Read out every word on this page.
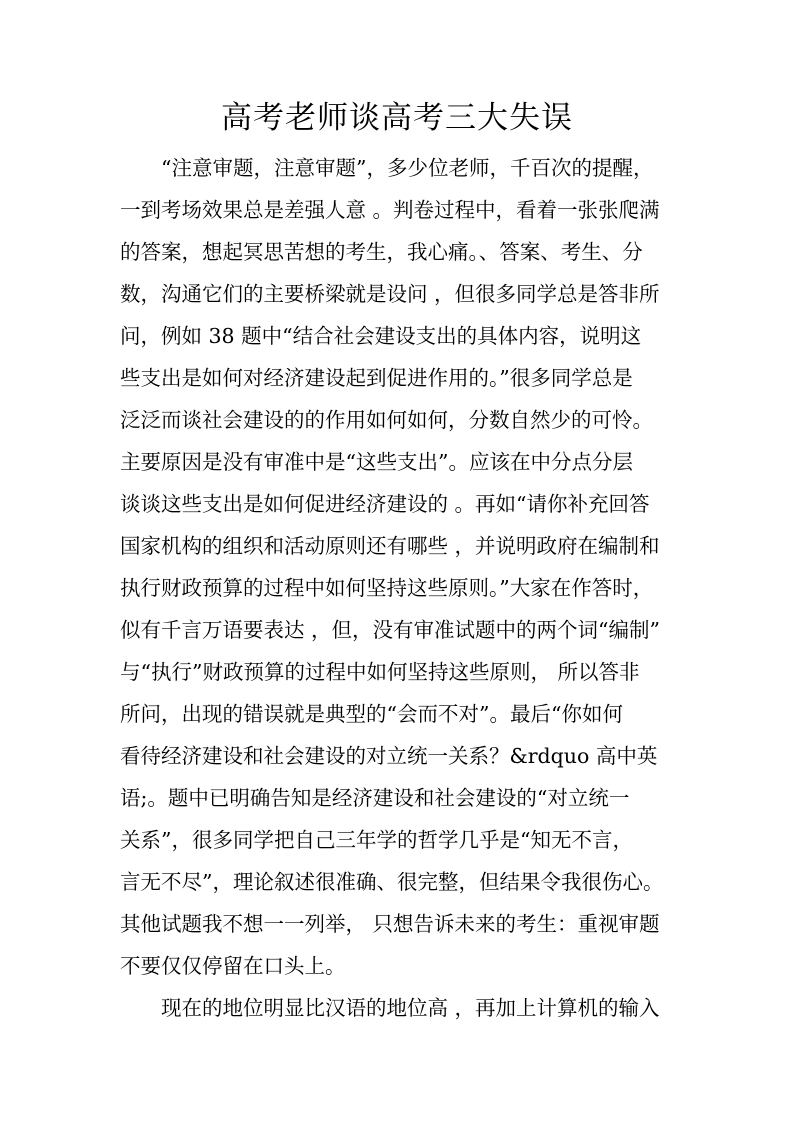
高考老师谈高考三大失误

　　“注意审题，注意审题”，多少位老师，千百次的提醒，

一到考场效果总是差强人意 。判卷过程中，看着一张张爬满

的答案，想起冥思苦想的考生，我心痛。、答案、考生、分

数，沟通它们的主要桥梁就是设问 ，但很多同学总是答非所

问，例如 38 题中“结合社会建设支出的具体内容，说明这

些支出是如何对经济建设起到促进作用的。”很多同学总是

泛泛而谈社会建设的的作用如何如何，分数自然少的可怜。

主要原因是没有审准中是“这些支出”。应该在中分点分层

谈谈这些支出是如何促进经济建设的 。再如“请你补充回答

国家机构的组织和活动原则还有哪些 ，并说明政府在编制和

执行财政预算的过程中如何坚持这些原则。”大家在作答时，

似有千言万语要表达 ，但，没有审准试题中的两个词“编制”

与“执行”财政预算的过程中如何坚持这些原则， 所以答非

所问，出现的错误就是典型的“会而不对”。最后“你如何

看待经济建设和社会建设的对立统一关系？&rdquo 高中英

语;。题中已明确告知是经济建设和社会建设的“对立统一

关系”，很多同学把自己三年学的哲学几乎是“知无不言，

言无不尽”，理论叙述很准确、很完整，但结果令我很伤心。

其他试题我不想一一列举， 只想告诉未来的考生：重视审题

不要仅仅停留在口头上。

　　现在的地位明显比汉语的地位高 ，再加上计算机的输入
